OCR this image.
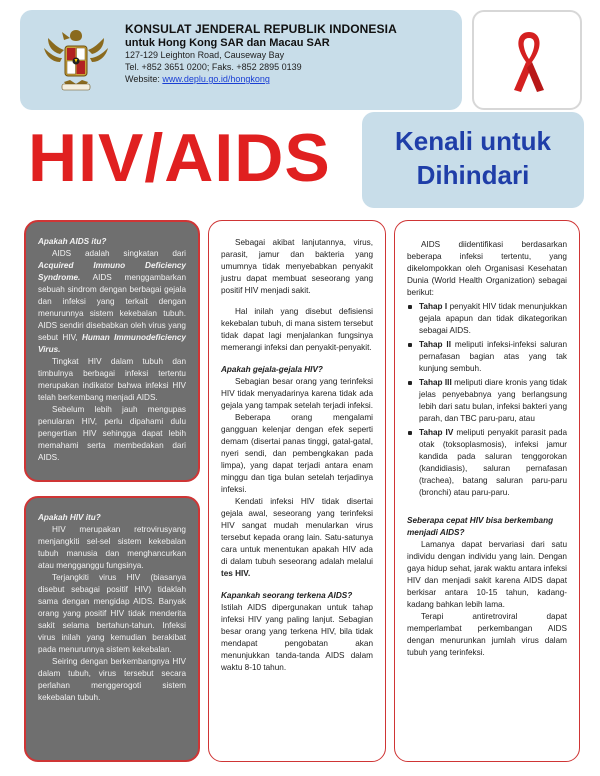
KONSULAT JENDERAL REPUBLIK INDONESIA
untuk Hong Kong SAR dan Macau SAR
127-129 Leighton Road, Causeway Bay
Tel. +852 3651 0200; Faks. +852 2895 0139
Website: www.deplu.go.id/hongkong
HIV/AIDS	Kenali untuk
Dihindari
Apakah AIDS itu?

AIDS adalah singkatan dari Acquired Immuno Deficiency Syndrome. AIDS menggambarkan sebuah sindrom dengan berbagai gejala dan infeksi yang terkait dengan menurunnya sistem kekebalan tubuh. AIDS sendiri disebabkan oleh virus yang sebut HIV, Human Immunodeficiency Virus.

Tingkat HIV dalam tubuh dan timbulnya berbagai infeksi tertentu merupakan indikator bahwa infeksi HIV telah berkembang menjadi AIDS.

Sebelum lebih jauh mengupas penularan HIV, perlu dipahami dulu pengertian HIV sehingga dapat lebih memahami serta membedakan dari AIDS.

Apakah HIV itu?

HIV merupakan retrovirusyang menjangkiti sel-sel sistem kekebalan tubuh manusia dan menghancurkan atau mengganggu fungsinya.

Terjangkiti virus HIV (biasanya disebut sebagai positif HIV) tidaklah sama dengan mengidap AIDS. Banyak orang yang positif HIV tidak menderita sakit selama bertahun-tahun. Infeksi virus inilah yang kemudian berakibat pada menurunnya sistem kekebalan.

Seiring dengan berkembangnya HIV dalam tubuh, virus tersebut secara perlahan menggerogoti sistem kekebalan tubuh.

Sebagai akibat lanjutannya, virus, parasit, jamur dan bakteria yang umumnya tidak menyebabkan penyakit justru dapat membuat seseorang yang positif HIV menjadi sakit.

Hal inilah yang disebut defisiensi kekebalan tubuh, di mana sistem tersebut tidak dapat lagi menjalankan fungsinya memerangi infeksi dan penyakit-penyakit.

Apakah gejala-gejala HIV?

Sebagian besar orang yang terinfeksi HIV tidak menyadarinya karena tidak ada gejala yang tampak setelah terjadi infeksi.

Beberapa orang mengalami gangguan kelenjar dengan efek seperti demam (disertai panas tinggi, gatal-gatal, nyeri sendi, dan pembengkakan pada limpa), yang dapat terjadi antara enam minggu dan tiga bulan setelah terjadinya infeksi.

Kendati infeksi HIV tidak disertai gejala awal, seseorang yang terinfeksi HIV sangat mudah menularkan virus tersebut kepada orang lain. Satu-satunya cara untuk menentukan apakah HIV ada di dalam tubuh seseorang adalah melalui tes HIV.

Kapankah seorang terkena AIDS?

Istilah AIDS dipergunakan untuk tahap infeksi HIV yang paling lanjut. Sebagian besar orang yang terkena HIV, bila tidak mendapat pengobatan akan menunjukkan tanda-tanda AIDS dalam waktu 8-10 tahun.

AIDS diidentifikasi berdasarkan beberapa infeksi tertentu, yang dikelompokkan oleh Organisasi Kesehatan Dunia (World Health Organization) sebagai berikut:

Tahap I penyakit HIV tidak menunjukkan gejala apapun dan tidak dikategorikan sebagai AIDS.
Tahap II meliputi infeksi-infeksi saluran pernafasan bagian atas yang tak kunjung sembuh.
Tahap III meliputi diare kronis yang tidak jelas penyebabnya yang berlangsung lebih dari satu bulan, infeksi bakteri yang parah, dan TBC paru-paru, atau
Tahap IV meliputi penyakit parasit pada otak (toksoplasmosis), infeksi jamur kandida pada saluran tenggorokan (kandidiasis), saluran pernafasan (trachea), batang saluran paru-paru (bronchi) atau paru-paru.
Seberapa cepat HIV bisa berkembang menjadi AIDS?

Lamanya dapat bervariasi dari satu individu dengan individu yang lain. Dengan gaya hidup sehat, jarak waktu antara infeksi HIV dan menjadi sakit karena AIDS dapat berkisar antara 10-15 tahun, kadang-kadang bahkan lebih lama.

Terapi antiretroviral dapat memperlambat perkembangan AIDS dengan menurunkan jumlah virus dalam tubuh yang terinfeksi.
